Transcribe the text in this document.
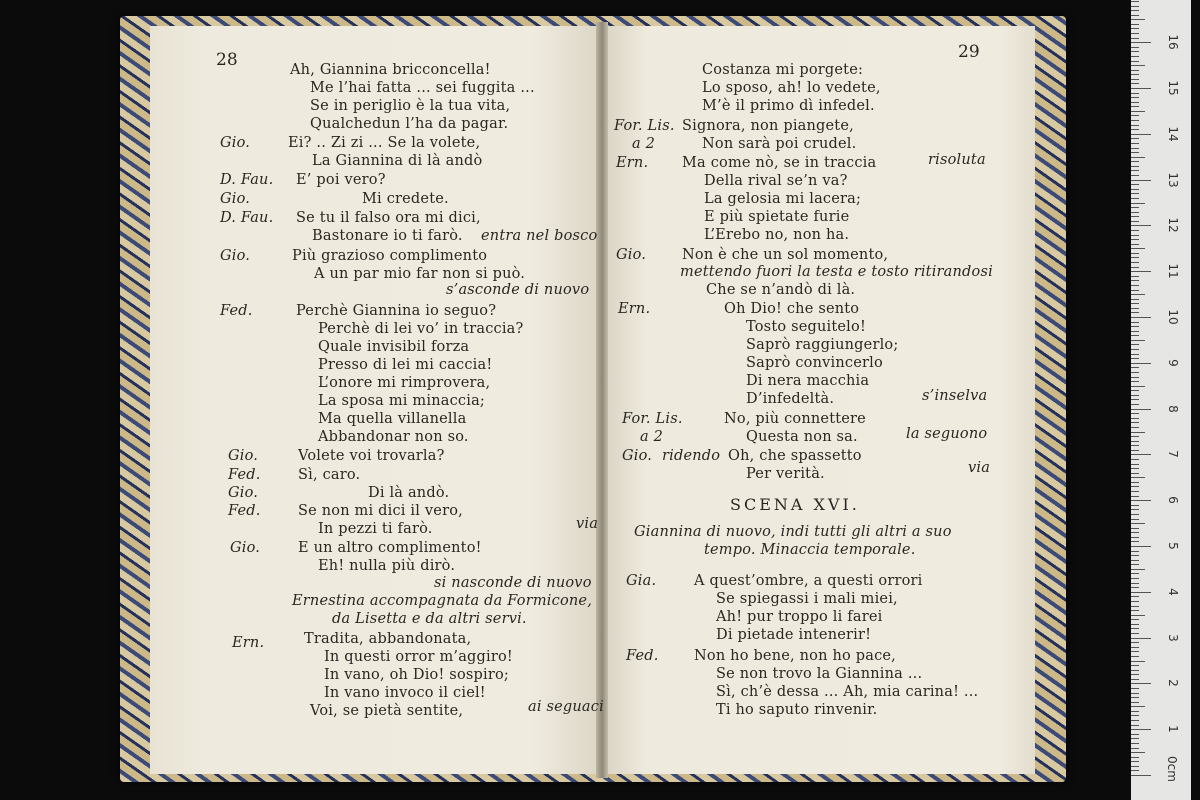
28	29
Ah, Giannina bricconcella!
Me l’hai fatta ... sei fuggita ...
Se in periglio è la tua vita,
Qualchedun l’ha da pagar.
Gio.	Ei? .. Zi zi ... Se la volete,
La Giannina di là andò
D. Fau. E’ poi vero?
Gio.	Mi credete.
D. Fau. Se tu il falso ora mi dici,
Bastonare io ti farò. entra nel bosco
Gio.	Più grazioso complimento
A un par mio far non si può.
s’asconde di nuovo
Fed.	Perchè Giannina io seguo?
Perchè di lei vo’ in traccia?
Quale invisibil forza
Presso di lei mi caccia!
L’onore mi rimprovera,
La sposa mi minaccia;
Ma quella villanella
Abbandonar non so.
Gio.	Volete voi trovarla?
Fed.	Sì, caro.
Gio.	Di là andò.
Fed.	Se non mi dici il vero,
In pezzi ti farò.	via
Gio.	E un altro complimento!
Eh! nulla più dirò.
si nasconde di nuovo
Ernestina accompagnata da Formicone,
da Lisetta e da altri servi.
Ern.	Tradita, abbandonata,
In questi orror m’aggiro!
In vano, oh Dio! sospiro;
In vano invoco il ciel!
Voi, se pietà sentite,	ai seguaci
Costanza mi porgete:
Lo sposo, ah! lo vedete,
M’è il primo dì infedel.
For. Lis. Signora, non piangete,
a 2	Non sarà poi crudel.
Ern. Ma come nò, se in traccia	risoluta
Della rival se’n va?
La gelosia mi lacera;
E più spietate furie
L’Erebo no, non ha.
Gio. Non è che un sol momento,
mettendo fuori la testa e tosto ritirandosi
Che se n’andò di là.
Ern.	Oh Dio! che sento
Tosto seguitelo!
Saprò raggiungerlo;
Saprò convincerlo
Di nera macchia
D’infedeltà.	s’inselva
For. Lis.	No, più connettere
a 2	Questa non sa.	la seguono
Gio. ridendo Oh, che spassetto
Per verità.	via
SCENA XVI.
Giannina di nuovo, indi tutti gli altri a suo
tempo. Minaccia temporale.
Gia.	A quest’ombre, a questi orrori
Se spiegassi i mali miei,
Ah! pur troppo li farei
Di pietade intenerir!
Fed. Non ho bene, non ho pace,
Se non trovo la Giannina ...
Sì, ch’è dessa ... Ah, mia carina! ...
Ti ho saputo rinvenir.
0cm
1
2
3
4
5
6
7
8
9
10
11
12
13
14
15
16
